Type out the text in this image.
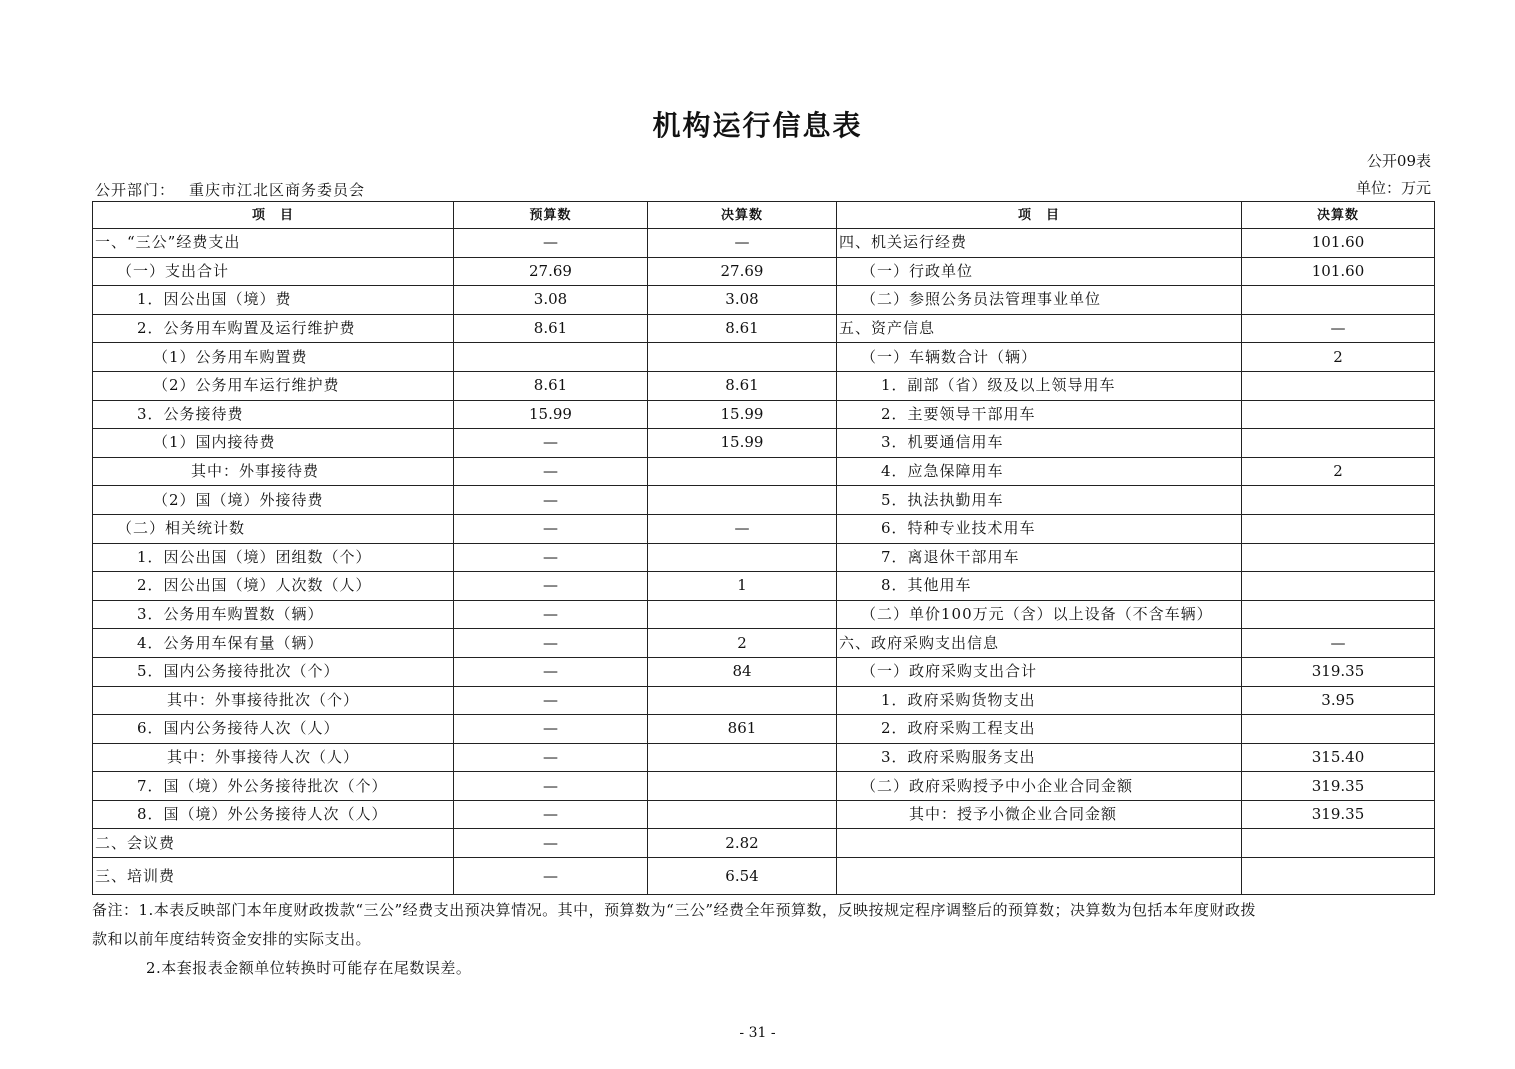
机构运行信息表
公开09表
单位：万元
公开部门： 重庆市江北区商务委员会
项　目	预算数	决算数	项　目	决算数
一、“三公”经费支出	—	—	四、机关运行经费	101.60
（一）支出合计	27.69	27.69	（一）行政单位	101.60
1．因公出国（境）费	3.08	3.08	（二）参照公务员法管理事业单位	
2．公务用车购置及运行维护费	8.61	8.61	五、资产信息	—
（1）公务用车购置费			（一）车辆数合计（辆）	2
（2）公务用车运行维护费	8.61	8.61	1．副部（省）级及以上领导用车	
3．公务接待费	15.99	15.99	2．主要领导干部用车	
（1）国内接待费	—	15.99	3．机要通信用车	
其中：外事接待费	—		4．应急保障用车	2
（2）国（境）外接待费	—		5．执法执勤用车	
（二）相关统计数	—	—	6．特种专业技术用车	
1．因公出国（境）团组数（个）	—		7．离退休干部用车	
2．因公出国（境）人次数（人）	—	1	8．其他用车	
3．公务用车购置数（辆）	—		（二）单价100万元（含）以上设备（不含车辆）	
4．公务用车保有量（辆）	—	2	六、政府采购支出信息	—
5．国内公务接待批次（个）	—	84	（一）政府采购支出合计	319.35
其中：外事接待批次（个）	—		1．政府采购货物支出	3.95
6．国内公务接待人次（人）	—	861	2．政府采购工程支出	
其中：外事接待人次（人）	—		3．政府采购服务支出	315.40
7．国（境）外公务接待批次（个）	—		（二）政府采购授予中小企业合同金额	319.35
8．国（境）外公务接待人次（人）	—		其中：授予小微企业合同金额	319.35
二、会议费	—	2.82		
三、培训费	—	6.54		
备注：1.本表反映部门本年度财政拨款“三公”经费支出预决算情况。其中，预算数为“三公”经费全年预算数，反映按规定程序调整后的预算数；决算数为包括本年度财政拨
款和以前年度结转资金安排的实际支出。
2.本套报表金额单位转换时可能存在尾数误差。
- 31 -
